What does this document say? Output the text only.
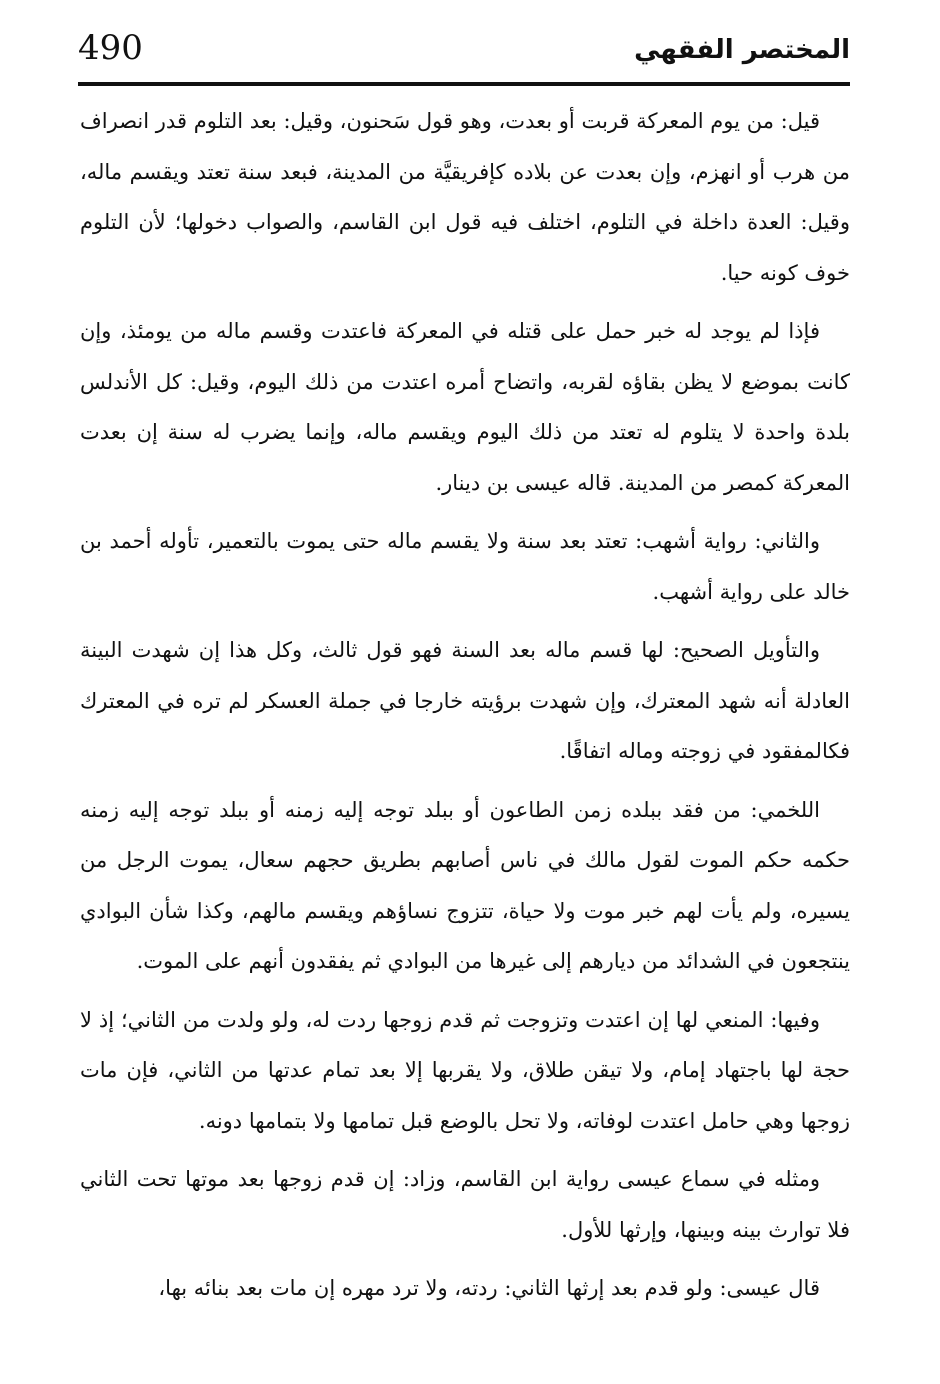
490	المختصر الفقهي

قيل: من يوم المعركة قربت أو بعدت، وهو قول سَحنون، وقيل: بعد التلوم قدر انصراف من هرب أو انهزم، وإن بعدت عن بلاده كإفريقيَّة من المدينة، فبعد سنة تعتد ويقسم ماله، وقيل: العدة داخلة في التلوم، اختلف فيه قول ابن القاسم، والصواب دخولها؛ لأن التلوم خوف كونه حيا.

فإذا لم يوجد له خبر حمل على قتله في المعركة فاعتدت وقسم ماله من يومئذ، وإن كانت بموضع لا يظن بقاؤه لقربه، واتضاح أمره اعتدت من ذلك اليوم، وقيل: كل الأندلس بلدة واحدة لا يتلوم له تعتد من ذلك اليوم ويقسم ماله، وإنما يضرب له سنة إن بعدت المعركة كمصر من المدينة. قاله عيسى بن دينار.

والثاني: رواية أشهب: تعتد بعد سنة ولا يقسم ماله حتى يموت بالتعمير، تأوله أحمد بن خالد على رواية أشهب.

والتأويل الصحيح: لها قسم ماله بعد السنة فهو قول ثالث، وكل هذا إن شهدت البينة العادلة أنه شهد المعترك، وإن شهدت برؤيته خارجا في جملة العسكر لم تره في المعترك فكالمفقود في زوجته وماله اتفاقًا.

اللخمي: من فقد ببلده زمن الطاعون أو ببلد توجه إليه زمنه أو ببلد توجه إليه زمنه حكمه حكم الموت لقول مالك في ناس أصابهم بطريق حجهم سعال، يموت الرجل من يسيره، ولم يأت لهم خبر موت ولا حياة، تتزوج نساؤهم ويقسم مالهم، وكذا شأن البوادي ينتجعون في الشدائد من ديارهم إلى غيرها من البوادي ثم يفقدون أنهم على الموت.

وفيها: المنعي لها إن اعتدت وتزوجت ثم قدم زوجها ردت له، ولو ولدت من الثاني؛ إذ لا حجة لها باجتهاد إمام، ولا تيقن طلاق، ولا يقربها إلا بعد تمام عدتها من الثاني، فإن مات زوجها وهي حامل اعتدت لوفاته، ولا تحل بالوضع قبل تمامها ولا بتمامها دونه.

ومثله في سماع عيسى رواية ابن القاسم، وزاد: إن قدم زوجها بعد موتها تحت الثاني فلا توارث بينه وبينها، وإرثها للأول.

قال عيسى: ولو قدم بعد إرثها الثاني: ردته، ولا ترد مهره إن مات بعد بنائه بها،
